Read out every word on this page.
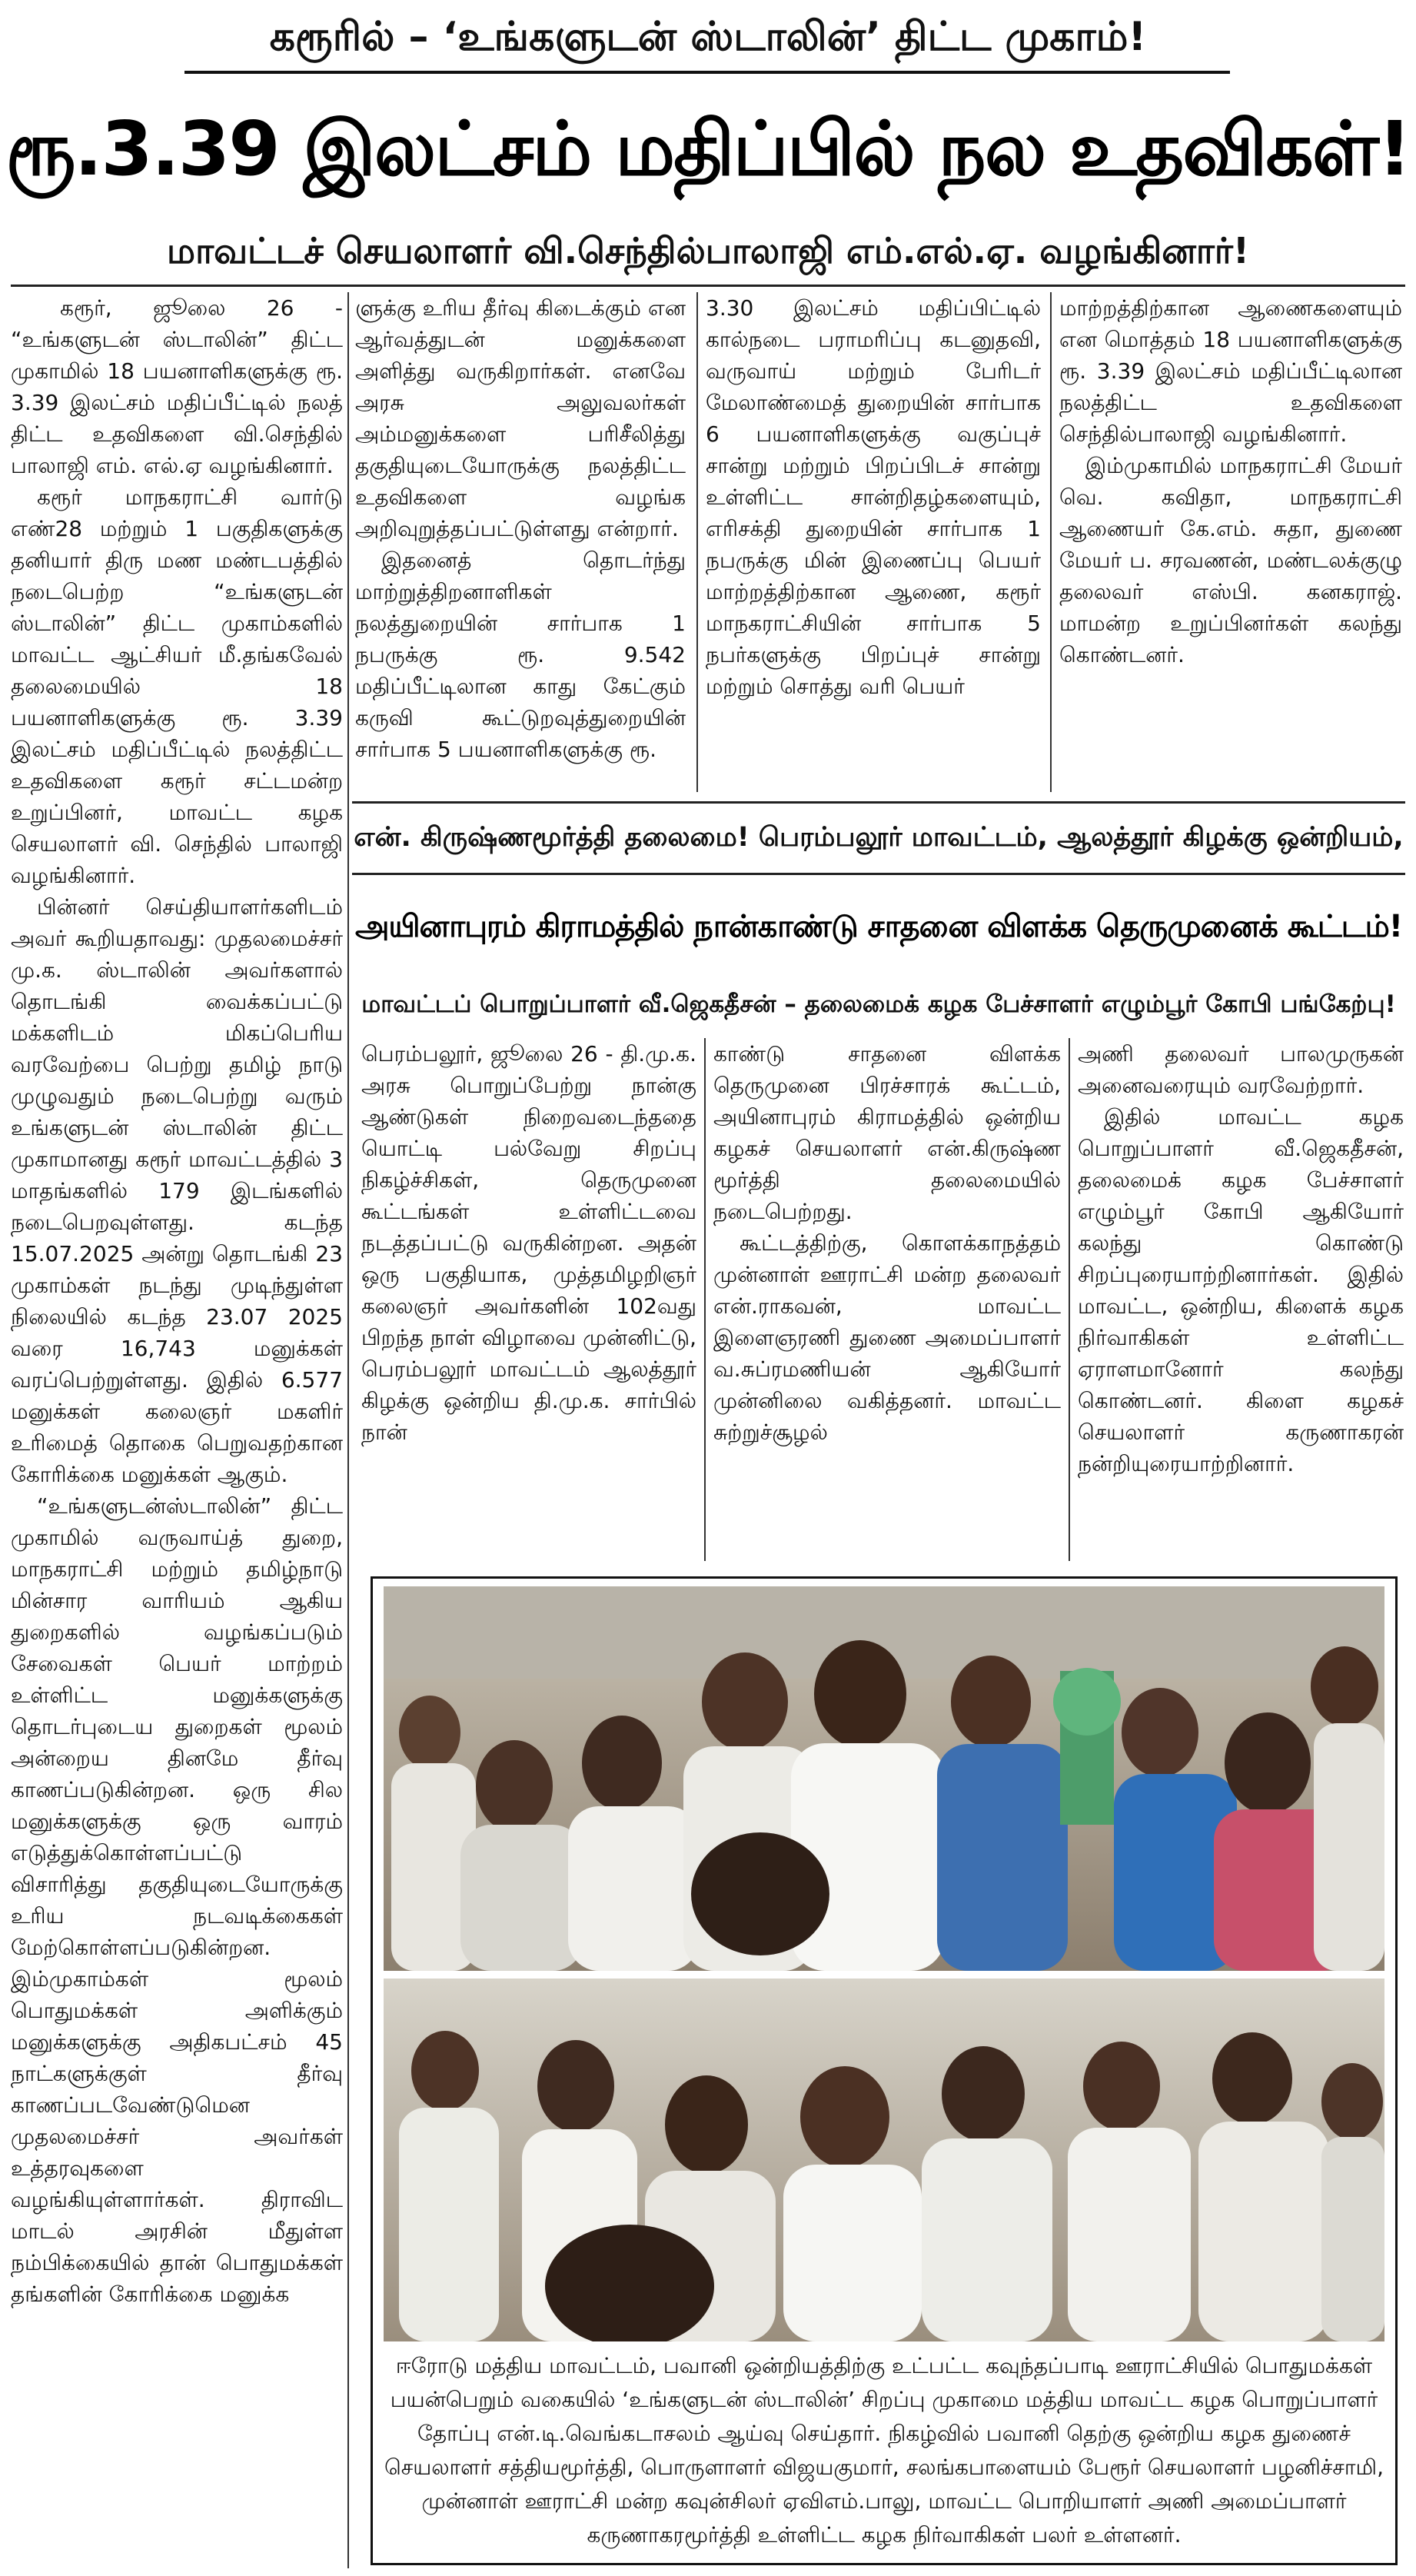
கரூரில் – ‘உங்களுடன் ஸ்டாலின்’ திட்ட முகாம்!
ரூ.3.39 இலட்சம் மதிப்பில் நல உதவிகள்!
மாவட்டச் செயலாளர் வி.செந்தில்பாலாஜி எம்.எல்.ஏ. வழங்கினார்!

கரூர், ஜூலை 26 - “உங்களுடன் ஸ்டாலின்” திட்ட முகாமில் 18 பயனாளிகளுக்கு ரூ. 3.39 இலட்சம் மதிப்பீட்டில் நலத் திட்ட உதவிகளை வி.செந்தில் பாலாஜி எம். எல்.ஏ வழங்கினார்.

கரூர் மாநகராட்சி வார்டு எண்28 மற்றும் 1 பகுதிகளுக்கு தனியார் திரு மண மண்டபத்தில் நடைபெற்ற “உங்களுடன் ஸ்டாலின்” திட்ட முகாம்களில் மாவட்ட ஆட்சியர் மீ.தங்கவேல் தலைமையில் 18 பயனாளிகளுக்கு ரூ. 3.39 இலட்சம் மதிப்பீட்டில் நலத்திட்ட உதவிகளை கரூர் சட்டமன்ற உறுப்பினர், மாவட்ட கழக செயலாளர் வி. செந்தில் பாலாஜி வழங்கினார்.

பின்னர் செய்தியாளர்களிடம் அவர் கூறியதாவது: முதலமைச்சர் மு.க. ஸ்டாலின் அவர்களால் தொடங்கி வைக்கப்பட்டு மக்களிடம் மிகப்பெரிய வரவேற்பை பெற்று தமிழ் நாடு முழுவதும் நடைபெற்று வரும் உங்களுடன் ஸ்டாலின் திட்ட முகாமானது கரூர் மாவட்டத்தில் 3 மாதங்களில் 179 இடங்களில் நடைபெறவுள்ளது. கடந்த 15.07.2025 அன்று தொடங்கி 23 முகாம்கள் நடந்து முடிந்துள்ள நிலையில் கடந்த 23.07 2025 வரை 16,743 மனுக்கள் வரப்பெற்றுள்ளது. இதில் 6.577 மனுக்கள் கலைஞர் மகளிர் உரிமைத் தொகை பெறுவதற்கான கோரிக்கை மனுக்கள் ஆகும்.

“உங்களுடன்ஸ்டாலின்” திட்ட முகாமில் வருவாய்த் துறை, மாநகராட்சி மற்றும் தமிழ்நாடு மின்சார வாரியம் ஆகிய துறைகளில் வழங்கப்படும் சேவைகள் பெயர் மாற்றம் உள்ளிட்ட மனுக்களுக்கு தொடர்புடைய துறைகள் மூலம் அன்றைய தினமே தீர்வு காணப்படுகின்றன. ஒரு சில மனுக்களுக்கு ஒரு வாரம் எடுத்துக்கொள்ளப்பட்டு விசாரித்து தகுதியுடையோருக்கு உரிய நடவடிக்கைகள் மேற்கொள்ளப்படுகின்றன. இம்முகாம்கள் மூலம் பொதுமக்கள் அளிக்கும் மனுக்களுக்கு அதிகபட்சம் 45 நாட்களுக்குள் தீர்வு காணப்படவேண்டுமென முதலமைச்சர் அவர்கள் உத்தரவுகளை வழங்கியுள்ளார்கள். திராவிட மாடல் அரசின் மீதுள்ள நம்பிக்கையில் தான் பொதுமக்கள் தங்களின் கோரிக்கை மனுக்க

ளுக்கு உரிய தீர்வு கிடைக்கும் என ஆர்வத்துடன் மனுக்களை அளித்து வருகிறார்கள். எனவே அரசு அலுவலர்கள் அம்மனுக்களை பரிசீலித்து தகுதியுடையோருக்கு நலத்திட்ட உதவிகளை வழங்க அறிவுறுத்தப்பட்டுள்ளது என்றார்.

இதனைத் தொடர்ந்து மாற்றுத்திறனாளிகள் நலத்துறையின் சார்பாக 1 நபருக்கு ரூ. 9.542 மதிப்பீட்டிலான காது கேட்கும் கருவி கூட்டுறவுத்துறையின் சார்பாக 5 பயனாளிகளுக்கு ரூ.

3.30 இலட்சம் மதிப்பிட்டில் கால்நடை பராமரிப்பு கடனுதவி, வருவாய் மற்றும் பேரிடர் மேலாண்மைத் துறையின் சார்பாக 6 பயனாளிகளுக்கு வகுப்புச் சான்று மற்றும் பிறப்பிடச் சான்று உள்ளிட்ட சான்றிதழ்களையும், எரிசக்தி துறையின் சார்பாக 1 நபருக்கு மின் இணைப்பு பெயர் மாற்றத்திற்கான ஆணை, கரூர் மாநகராட்சியின் சார்பாக 5 நபர்களுக்கு பிறப்புச் சான்று மற்றும் சொத்து வரி பெயர்

மாற்றத்திற்கான ஆணைகளையும் என மொத்தம் 18 பயனாளிகளுக்கு ரூ. 3.39 இலட்சம் மதிப்பீட்டிலான நலத்திட்ட உதவிகளை செந்தில்பாலாஜி வழங்கினார்.

இம்முகாமில் மாநகராட்சி மேயர் வெ. கவிதா, மாநகராட்சி ஆணையர் கே.எம். சுதா, துணை மேயர் ப. சரவணன், மண்டலக்குழு தலைவர் எஸ்பி. கனகராஜ். மாமன்ற உறுப்பினர்கள் கலந்து கொண்டனர்.

என். கிருஷ்ணமூர்த்தி தலைமை! பெரம்பலூர் மாவட்டம், ஆலத்தூர் கிழக்கு ஒன்றியம்,
அயினாபுரம் கிராமத்தில் நான்காண்டு சாதனை விளக்க தெருமுனைக் கூட்டம்!
மாவட்டப் பொறுப்பாளர் வீ.ஜெகதீசன் – தலைமைக் கழக பேச்சாளர் எழும்பூர் கோபி பங்கேற்பு!

பெரம்பலூர், ஜூலை 26 - தி.மு.க. அரசு பொறுப்பேற்று நான்கு ஆண்டுகள் நிறைவடைந்ததை யொட்டி பல்வேறு சிறப்பு நிகழ்ச்சிகள், தெருமுனை கூட்டங்கள் உள்ளிட்டவை நடத்தப்பட்டு வருகின்றன. அதன் ஒரு பகுதியாக, முத்தமிழறிஞர் கலைஞர் அவர்களின் 102வது பிறந்த நாள் விழாவை முன்னிட்டு, பெரம்பலூர் மாவட்டம் ஆலத்தூர் கிழக்கு ஒன்றிய தி.மு.க. சார்பில் நான்

காண்டு சாதனை விளக்க தெருமுனை பிரச்சாரக் கூட்டம், அயினாபுரம் கிராமத்தில் ஒன்றிய கழகச் செயலாளர் என்.கிருஷ்ண மூர்த்தி தலைமையில் நடைபெற்றது.

கூட்டத்திற்கு, கொளக்காநத்தம் முன்னாள் ஊராட்சி மன்ற தலைவர் என்.ராகவன், மாவட்ட இளைஞரணி துணை அமைப்பாளர் வ.சுப்ரமணியன் ஆகியோர் முன்னிலை வகித்தனர். மாவட்ட சுற்றுச்சூழல்

அணி தலைவர் பாலமுருகன் அனைவரையும் வரவேற்றார்.

இதில் மாவட்ட கழக பொறுப்பாளர் வீ.ஜெகதீசன், தலைமைக் கழக பேச்சாளர் எழும்பூர் கோபி ஆகியோர் கலந்து கொண்டு சிறப்புரையாற்றினார்கள். இதில் மாவட்ட, ஒன்றிய, கிளைக் கழக நிர்வாகிகள் உள்ளிட்ட ஏராளமானோர் கலந்து கொண்டனர். கிளை கழகச் செயலாளர் கருணாகரன் நன்றியுரையாற்றினார்.

ஈரோடு மத்திய மாவட்டம், பவானி ஒன்றியத்திற்கு உட்பட்ட கவுந்தப்பாடி ஊராட்சியில் பொதுமக்கள்

பயன்பெறும் வகையில் ‘உங்களுடன் ஸ்டாலின்’ சிறப்பு முகாமை மத்திய மாவட்ட கழக பொறுப்பாளர்

தோப்பு என்.டி.வெங்கடாசலம் ஆய்வு செய்தார். நிகழ்வில் பவானி தெற்கு ஒன்றிய கழக துணைச்

செயலாளர் சத்தியமூர்த்தி, பொருளாளர் விஜயகுமார், சலங்கபாளையம் பேரூர் செயலாளர் பழனிச்சாமி,

முன்னாள் ஊராட்சி மன்ற கவுன்சிலர் ஏவிஎம்.பாலு, மாவட்ட பொறியாளர் அணி அமைப்பாளர்

கருணாகரமூர்த்தி உள்ளிட்ட கழக நிர்வாகிகள் பலர் உள்ளனர்.
